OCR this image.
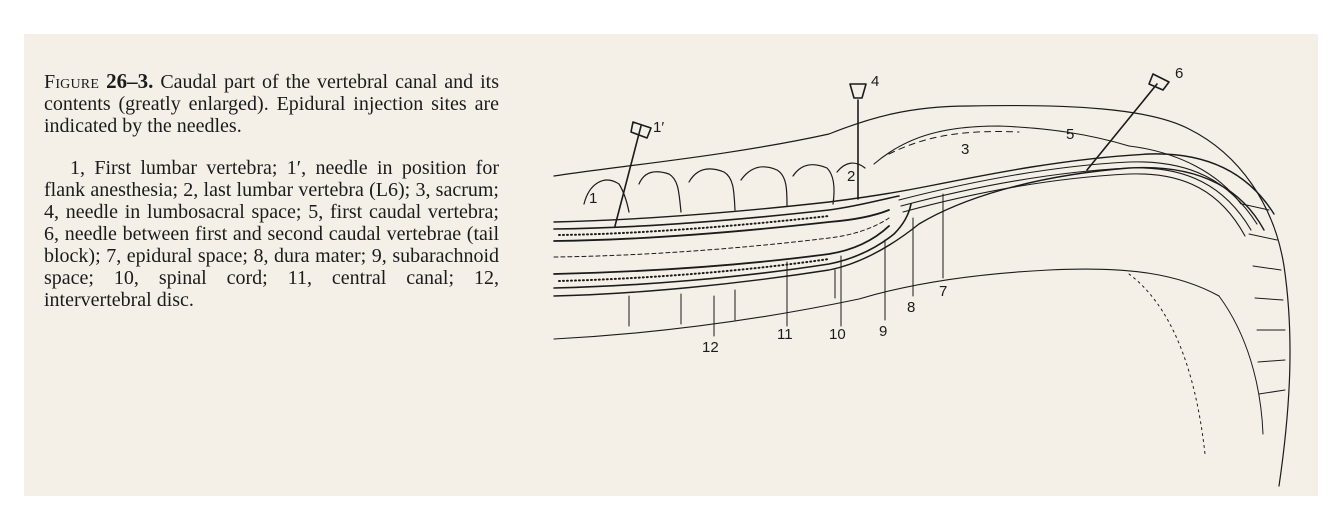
Figure 26–3. Caudal part of the vertebral canal and its contents (greatly enlarged). Epidural injection sites are indicated by the needles.

1, First lumbar vertebra; 1′, needle in position for flank anesthesia; 2, last lumbar vertebra (L6); 3, sacrum; 4, needle in lumbosacral space; 5, first caudal vertebra; 6, needle between first and second caudal vertebrae (tail block); 7, epidural space; 8, dura mater; 9, subarachnoid space; 10, spinal cord; 11, central canal; 12, intervertebral disc.

1
1′
2
3
4
5
6
7
8
9
10
11
12
